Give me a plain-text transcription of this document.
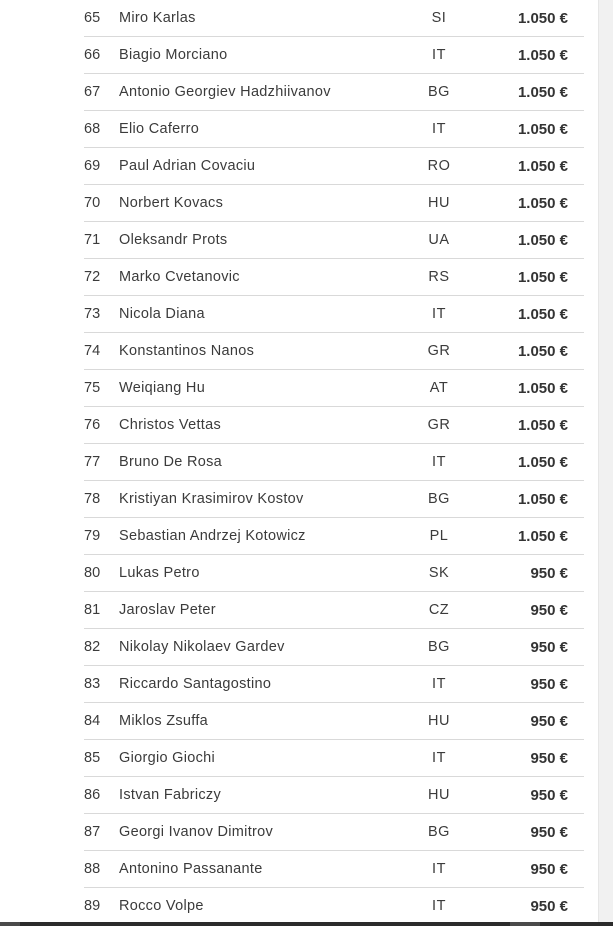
65	Miro Karlas	SI	1.050 €
66	Biagio Morciano	IT	1.050 €
67	Antonio Georgiev Hadzhiivanov	BG	1.050 €
68	Elio Caferro	IT	1.050 €
69	Paul Adrian Covaciu	RO	1.050 €
70	Norbert Kovacs	HU	1.050 €
71	Oleksandr Prots	UA	1.050 €
72	Marko Cvetanovic	RS	1.050 €
73	Nicola Diana	IT	1.050 €
74	Konstantinos Nanos	GR	1.050 €
75	Weiqiang Hu	AT	1.050 €
76	Christos Vettas	GR	1.050 €
77	Bruno De Rosa	IT	1.050 €
78	Kristiyan Krasimirov Kostov	BG	1.050 €
79	Sebastian Andrzej Kotowicz	PL	1.050 €
80	Lukas Petro	SK	950 €
81	Jaroslav Peter	CZ	950 €
82	Nikolay Nikolaev Gardev	BG	950 €
83	Riccardo Santagostino	IT	950 €
84	Miklos Zsuffa	HU	950 €
85	Giorgio Giochi	IT	950 €
86	Istvan Fabriczy	HU	950 €
87	Georgi Ivanov Dimitrov	BG	950 €
88	Antonino Passanante	IT	950 €
89	Rocco Volpe	IT	950 €
